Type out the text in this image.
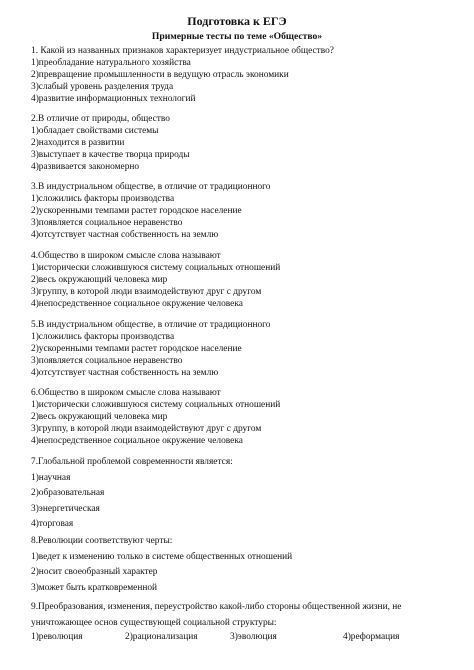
Подготовка к ЕГЭ
Примерные тесты по теме «Общество»
1. Какой из названных признаков характеризует индустриальное общество?
1)преобладание натурального хозяйства
2)превращение промышленности в ведущую отрасль экономики
3)слабый уровень разделения труда
4)развитие информационных технологий
2.В отличие от природы, общество
1)обладает свойствами системы
2)находится в развитии
3)выступает в качестве творца природы
4)развивается закономерно
3.В индустриальном обществе, в отличие от традиционного
1)сложились факторы производства
2)ускоренными темпами растет городское население
3)появляется социальное неравенство
4)отсутствует частная собственность на землю
4.Общество в широком смысле слова называют
1)исторически сложившуюся систему социальных отношений
2)весь окружающий человека мир
3)группу, в которой люди взаимодействуют друг с другом
4)непосредственное социальное окружение человека
5.В индустриальном обществе, в отличие от традиционного
1)сложились факторы производства
2)ускоренными темпами растет городское население
3)появляется социальное неравенство
4)отсутствует частная собственность на землю
6.Общество в широком смысле слова называют
1)исторически сложившуюся систему социальных отношений
2)весь окружающий человека мир
3)группу, в которой люди взаимодействуют друг с другом
4)непосредственное социальное окружение человека
7.Глобальной проблемой современности является:
1)научная
2)образовательная
3)энергетическая
4)торговая
8.Революции соответствуют черты:
1)ведет к изменению только в системе общественных отношений
2)носит своеобразный характер
3)может быть кратковременной
9.Преобразования, изменения, переустройство какой-либо стороны общественной жизни, не
уничтожающее основ существующей социальной структуры:
1)революция	2)рационализация	3)эволюция	4)реформация
